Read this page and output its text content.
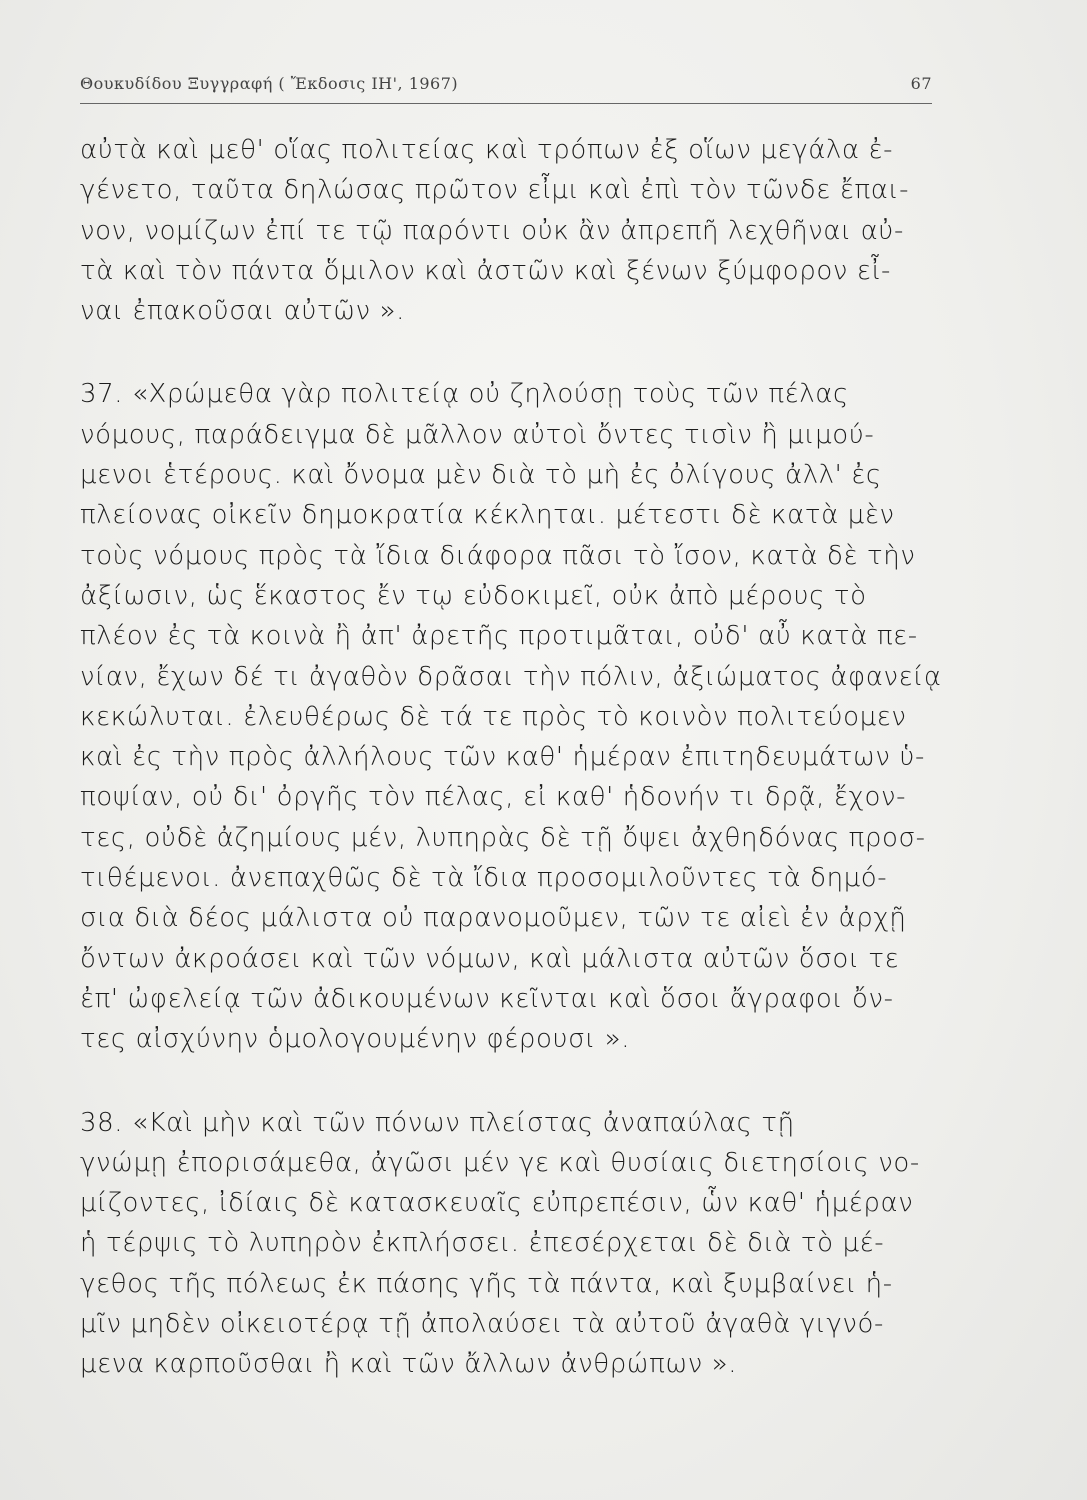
Θουκυδίδου Ξυγγραφή ( Ἔκδοσις ΙΗ', 1967)	67
αὐτὰ καὶ μεθ' οἵας πολιτείας καὶ τρόπων ἐξ οἵων μεγάλα ἐ-
γένετο, ταῦτα δηλώσας πρῶτον εἶμι καὶ ἐπὶ τὸν τῶνδε ἔπαι-
νον, νομίζων ἐπί τε τῷ παρόντι οὐκ ἂν ἀπρεπῆ λεχθῆναι αὐ-
τὰ καὶ τὸν πάντα ὅμιλον καὶ ἀστῶν καὶ ξένων ξύμφορον εἶ-
ναι ἐπακοῦσαι αὐτῶν ».
37. «Χρώμεθα γὰρ πολιτείᾳ οὐ ζηλούσῃ τοὺς τῶν πέλας
νόμους, παράδειγμα δὲ μᾶλλον αὐτοὶ ὄντες τισὶν ἢ μιμού-
μενοι ἑτέρους. καὶ ὄνομα μὲν διὰ τὸ μὴ ἐς ὀλίγους ἀλλ' ἐς
πλείονας οἰκεῖν δημοκρατία κέκληται. μέτεστι δὲ κατὰ μὲν
τοὺς νόμους πρὸς τὰ ἴδια διάφορα πᾶσι τὸ ἴσον, κατὰ δὲ τὴν
ἀξίωσιν, ὡς ἕκαστος ἔν τῳ εὐδοκιμεῖ, οὐκ ἀπὸ μέρους τὸ
πλέον ἐς τὰ κοινὰ ἢ ἀπ' ἀρετῆς προτιμᾶται, οὐδ' αὖ κατὰ πε-
νίαν, ἔχων δέ τι ἀγαθὸν δρᾶσαι τὴν πόλιν, ἀξιώματος ἀφανείᾳ
κεκώλυται. ἐλευθέρως δὲ τά τε πρὸς τὸ κοινὸν πολιτεύομεν
καὶ ἐς τὴν πρὸς ἀλλήλους τῶν καθ' ἡμέραν ἐπιτηδευμάτων ὑ-
ποψίαν, οὐ δι' ὀργῆς τὸν πέλας, εἰ καθ' ἡδονήν τι δρᾷ, ἔχον-
τες, οὐδὲ ἀζημίους μέν, λυπηρὰς δὲ τῇ ὄψει ἀχθηδόνας προσ-
τιθέμενοι. ἀνεπαχθῶς δὲ τὰ ἴδια προσομιλοῦντες τὰ δημό-
σια διὰ δέος μάλιστα οὐ παρανομοῦμεν, τῶν τε αἰεὶ ἐν ἀρχῇ
ὄντων ἀκροάσει καὶ τῶν νόμων, καὶ μάλιστα αὐτῶν ὅσοι τε
ἐπ' ὠφελείᾳ τῶν ἀδικουμένων κεῖνται καὶ ὅσοι ἄγραφοι ὄν-
τες αἰσχύνην ὁμολογουμένην φέρουσι ».
38. «Καὶ μὴν καὶ τῶν πόνων πλείστας ἀναπαύλας τῇ
γνώμῃ ἐπορισάμεθα, ἀγῶσι μέν γε καὶ θυσίαις διετησίοις νο-
μίζοντες, ἰδίαις δὲ κατασκευαῖς εὐπρεπέσιν, ὧν καθ' ἡμέραν
ἡ τέρψις τὸ λυπηρὸν ἐκπλήσσει. ἐπεσέρχεται δὲ διὰ τὸ μέ-
γεθος τῆς πόλεως ἐκ πάσης γῆς τὰ πάντα, καὶ ξυμβαίνει ἡ-
μῖν μηδὲν οἰκειοτέρᾳ τῇ ἀπολαύσει τὰ αὐτοῦ ἀγαθὰ γιγνό-
μενα καρποῦσθαι ἢ καὶ τῶν ἄλλων ἀνθρώπων ».
